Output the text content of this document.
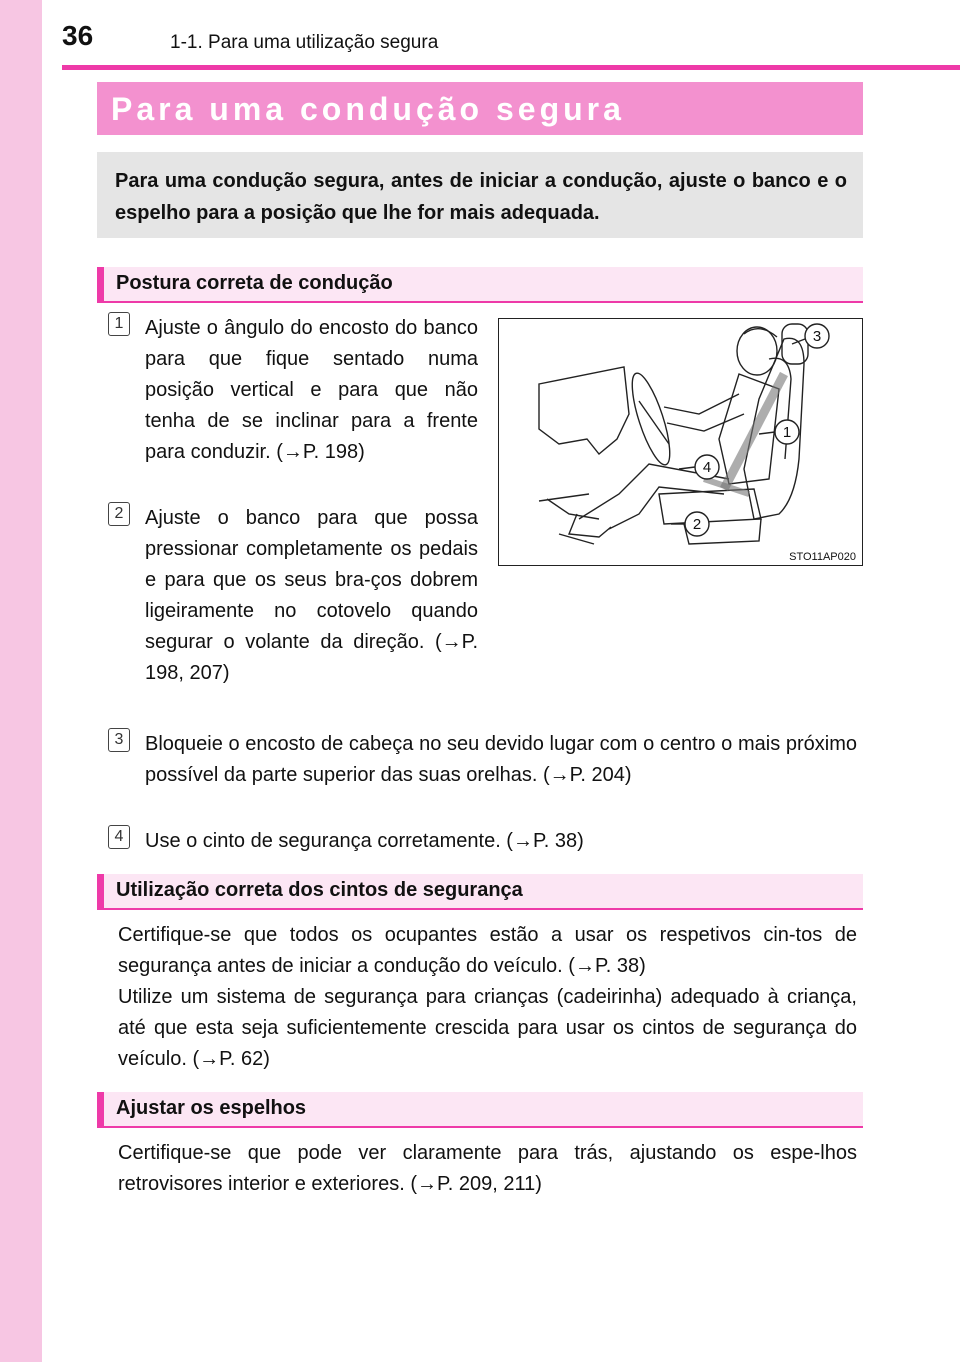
36	1-1. Para uma utilização segura
Para uma condução segura
Para uma condução segura, antes de iniciar a condução, ajuste o banco e o espelho para a posição que lhe for mais adequada.
Postura correta de condução
1	Ajuste o ângulo do encosto do banco para que fique sentado numa posição vertical e para que não tenha de se inclinar para a frente para conduzir. (→P. 198)
2	Ajuste o banco para que possa pressionar completamente os pedais e para que os seus bra-ços dobrem ligeiramente no cotovelo quando segurar o volante da direção. (→P. 198, 207)
3
1
4
2
STO11AP020
3	Bloqueie o encosto de cabeça no seu devido lugar com o centro o mais próximo possível da parte superior das suas orelhas. (→P. 204)
4	Use o cinto de segurança corretamente. (→P. 38)
Utilização correta dos cintos de segurança
Certifique-se que todos os ocupantes estão a usar os respetivos cin-tos de segurança antes de iniciar a condução do veículo. (→P. 38)
Utilize um sistema de segurança para crianças (cadeirinha) adequado à criança, até que esta seja suficientemente crescida para usar os cintos de segurança do veículo. (→P. 62)
Ajustar os espelhos
Certifique-se que pode ver claramente para trás, ajustando os espe-lhos retrovisores interior e exteriores. (→P. 209, 211)
